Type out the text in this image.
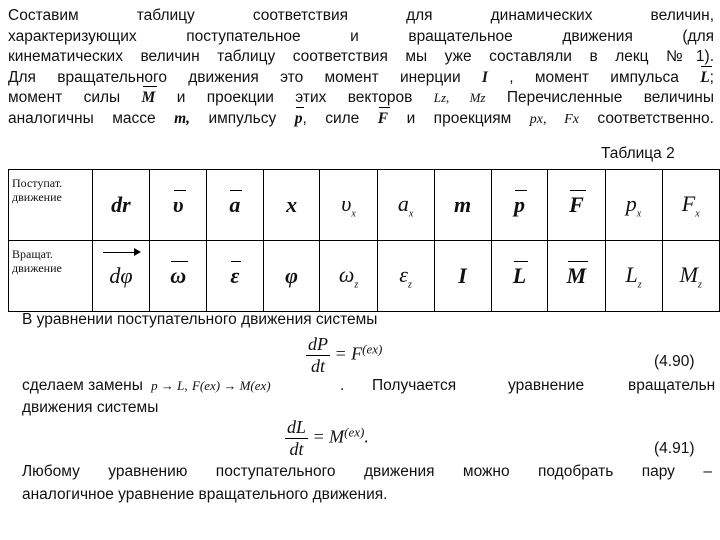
Составим	таблицу	соответствия	для	динамических	величин,
характеризующих	поступательное	и	вращательное	движения	(для
кинематических величин таблицу соответствия мы уже составляли в лекц №1).
Для вращательного движения это момент инерции I , момент импульса L;
момент силы M и проекции этих векторов Lz, Mz Перечисленные величины
аналогичны массе m, импульсу p, силе F и проекциям px, Fx соответственно.
Таблица 2
Поступат. движение	dr	υ	a	x	$\upsilon_x$	$a_x$	m	p	F	$p_x$	$F_x$
Вращат. движение	dφ	ω	ε	φ	$\omega_z$	$\varepsilon_z$	I	L	M	$L_z$	$M_z$
В уравнении поступательного движения системы
$\frac{dP}{dt} = F^{(ex)}$
(4.90)
сделаем замены p → L, F(ex) → M(ex)	. Получается	уравнение	вращательн
движения системы
$\frac{dL}{dt} = M^{(ex)}$.
(4.91)
Любому уравнению поступательного движения можно подобрать пару –
аналогичное уравнение вращательного движения.
